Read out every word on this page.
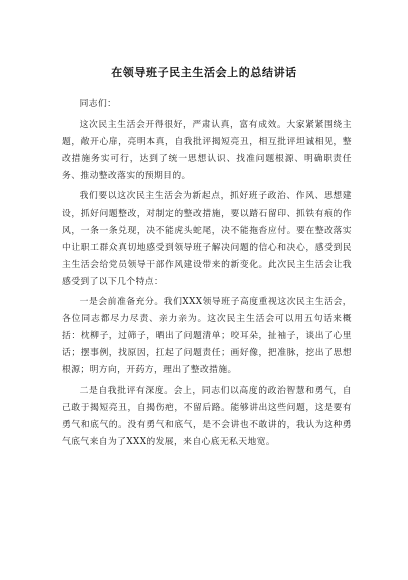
在领导班子民主生活会上的总结讲话

同志们：

这次民主生活会开得很好，严肃认真，富有成效。大家紧紧围绕主题，敞开心扉，亮明本真，自我批评揭短亮丑，相互批评坦诚相见，整改措施务实可行，达到了统一思想认识、找准问题根源、明确职责任务、推动整改落实的预期目的。

我们要以这次民主生活会为新起点，抓好班子政治、作风、思想建设，抓好问题整改，对制定的整改措施，要以踏石留印、抓铁有痕的作风，一条一条兑现，决不能虎头蛇尾，决不能拖沓应付。要在整改落实中让职工群众真切地感受到领导班子解决问题的信心和决心，感受到民主生活会给党员领导干部作风建设带来的新变化。此次民主生活会让我感受到了以下几个特点：

一是会前准备充分。我们XXX领导班子高度重视这次民主生活会，各位同志都尽力尽责、亲力亲为。这次民主生活会可以用五句话来概括：枕柳子，过筛子，晒出了问题清单；咬耳朵，扯袖子，谈出了心里话；摆事例，找原因，扛起了问题责任；画好像，把准脉，挖出了思想根源；明方向，开药方，理出了整改措施。

二是自我批评有深度。会上，同志们以高度的政治智慧和勇气，自己敢于揭短亮丑，自揭伤疤，不留后路。能够讲出这些问题，这是要有勇气和底气的。没有勇气和底气，是不会讲也不敢讲的，我认为这种勇气底气来自为了XXX的发展，来自心底无私天地宽。
